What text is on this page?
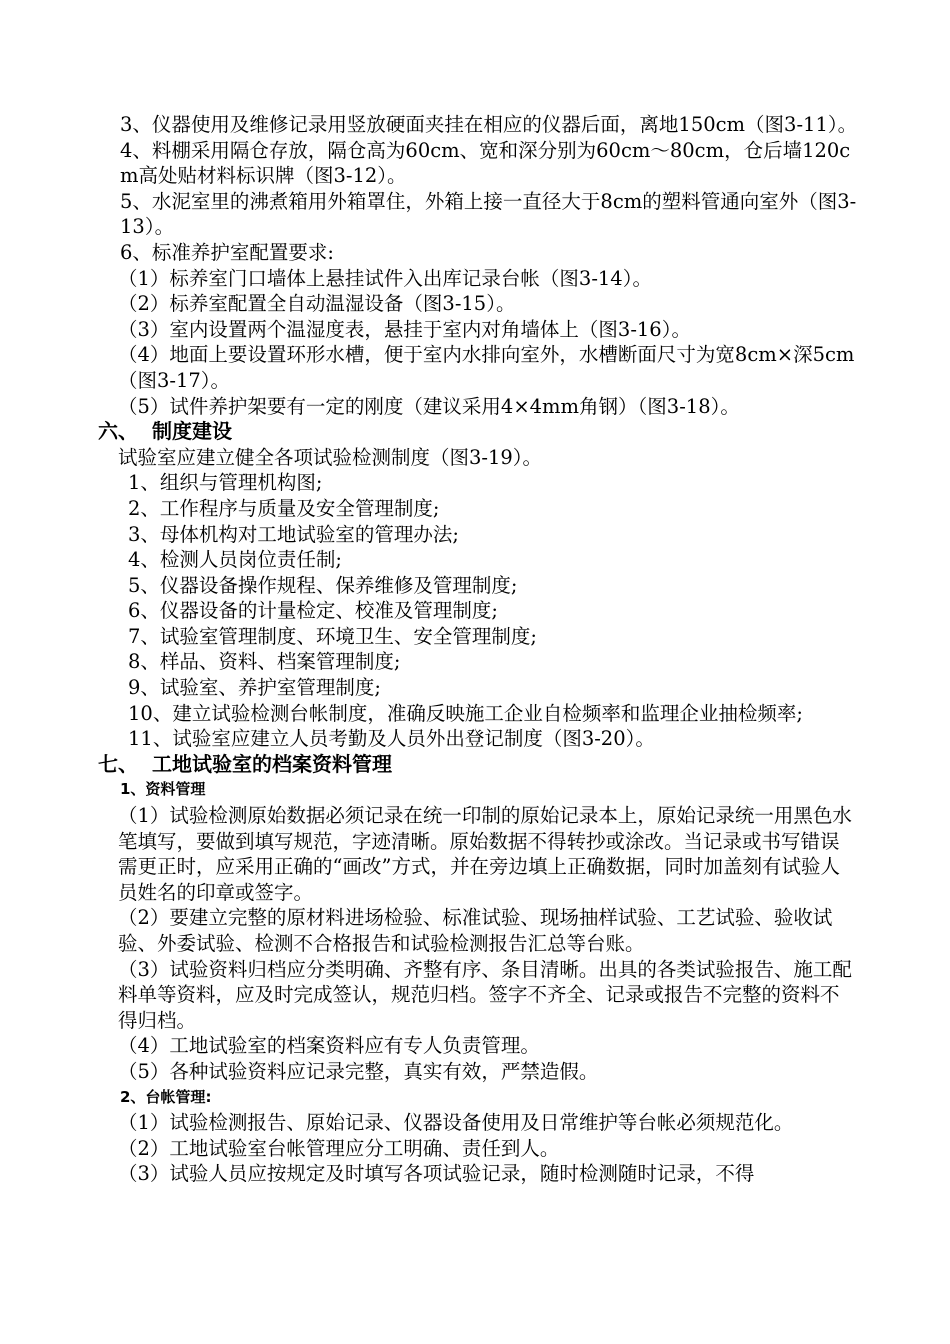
3、仪器使用及维修记录用竖放硬面夹挂在相应的仪器后面，离地150cm（图3-11）。

4、料棚采用隔仓存放，隔仓高为60cm、宽和深分别为60cm～80cm，仓后墙120cm高处贴材料标识牌（图3-12）。

5、水泥室里的沸煮箱用外箱罩住，外箱上接一直径大于8cm的塑料管通向室外（图3-13）。

6、标准养护室配置要求:

（1）标养室门口墙体上悬挂试件入出库记录台帐（图3-14）。

（2）标养室配置全自动温湿设备（图3-15）。

（3）室内设置两个温湿度表，悬挂于室内对角墙体上（图3-16）。

（4）地面上要设置环形水槽，便于室内水排向室外，水槽断面尺寸为宽8cm×深5cm（图3-17）。

（5）试件养护架要有一定的刚度（建议采用4×4mm角钢）（图3-18）。

六、 制度建设

试验室应建立健全各项试验检测制度（图3-19）。

1、组织与管理机构图;

2、工作程序与质量及安全管理制度;

3、母体机构对工地试验室的管理办法;

4、检测人员岗位责任制;

5、仪器设备操作规程、保养维修及管理制度;

6、仪器设备的计量检定、校准及管理制度;

7、试验室管理制度、环境卫生、安全管理制度;

8、样品、资料、档案管理制度;

9、试验室、养护室管理制度;

10、建立试验检测台帐制度，准确反映施工企业自检频率和监理企业抽检频率;

11、试验室应建立人员考勤及人员外出登记制度（图3-20）。

七、 工地试验室的档案资料管理

1、资料管理

（1）试验检测原始数据必须记录在统一印制的原始记录本上，原始记录统一用黑色水笔填写，要做到填写规范，字迹清晰。原始数据不得转抄或涂改。当记录或书写错误需更正时，应采用正确的“画改”方式，并在旁边填上正确数据，同时加盖刻有试验人员姓名的印章或签字。

（2）要建立完整的原材料进场检验、标准试验、现场抽样试验、工艺试验、验收试验、外委试验、检测不合格报告和试验检测报告汇总等台账。

（3）试验资料归档应分类明确、齐整有序、条目清晰。出具的各类试验报告、施工配料单等资料，应及时完成签认，规范归档。签字不齐全、记录或报告不完整的资料不得归档。

（4）工地试验室的档案资料应有专人负责管理。

（5）各种试验资料应记录完整，真实有效，严禁造假。

2、台帐管理:

（1）试验检测报告、原始记录、仪器设备使用及日常维护等台帐必须规范化。

（2）工地试验室台帐管理应分工明确、责任到人。

（3）试验人员应按规定及时填写各项试验记录，随时检测随时记录，不得
